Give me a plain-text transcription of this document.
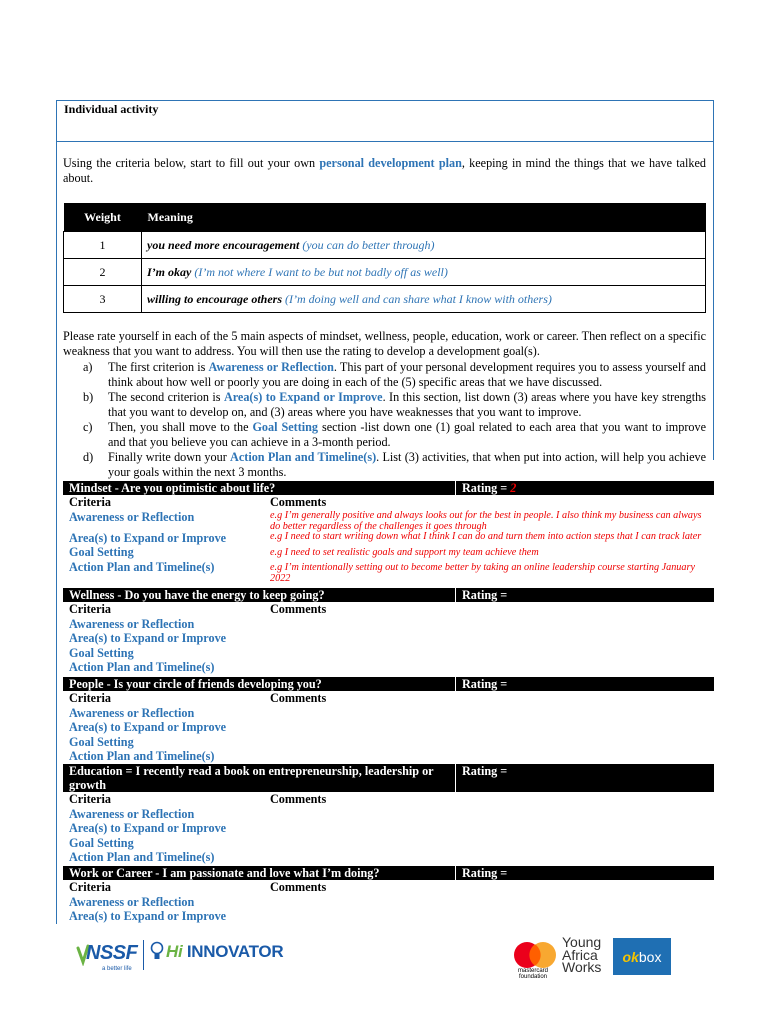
Individual activity
Using the criteria below, start to fill out your own personal development plan, keeping in mind the things that we have talked about.
Weight	Meaning
1	you need more encouragement (you can do better through)
2	I’m okay (I’m not where I want to be but not badly off as well)
3	willing to encourage others (I’m doing well and can share what I know with others)
Please rate yourself in each of the 5 main aspects of mindset, wellness, people, education, work or career. Then reflect on a specific weakness that you want to address. You will then use the rating to develop a development goal(s).
a)	The first criterion is Awareness or Reflection. This part of your personal development requires you to assess yourself and think about how well or poorly you are doing in each of the (5) specific areas that we have discussed.
b)	The second criterion is Area(s) to Expand or Improve. In this section, list down (3) areas where you have key strengths that you want to develop on, and (3) areas where you have weaknesses that you want to improve.
c)	Then, you shall move to the Goal Setting section -list down one (1) goal related to each area that you want to improve and that you believe you can achieve in a 3-month period.
d)	Finally write down your Action Plan and Timeline(s). List (3) activities, that when put into action, will help you achieve your goals within the next 3 months.
Mindset - Are you optimistic about life?	Rating = 2
Criteria	Comments
Awareness or Reflection	e.g I’m generally positive and always looks out for the best in people. I also think my business can always do better regardless of the challenges it goes through
Area(s) to Expand or Improve	e.g I need to start writing down what I think I can do and turn them into action steps that I can track later
Goal Setting	e.g I need to set realistic goals and support my team achieve them
Action Plan and Timeline(s)	e.g I’m intentionally setting out to become better by taking an online leadership course starting January 2022
Wellness - Do you have the energy to keep going?	Rating =
Criteria	Comments
Awareness or Reflection
Area(s) to Expand or Improve
Goal Setting
Action Plan and Timeline(s)
People - Is your circle of friends developing you?	Rating =
Criteria	Comments
Awareness or Reflection
Area(s) to Expand or Improve
Goal Setting
Action Plan and Timeline(s)
Education = I recently read a book on entrepreneurship, leadership or growth
Rating =
Criteria	Comments
Awareness or Reflection
Area(s) to Expand or Improve
Goal Setting
Action Plan and Timeline(s)
Work or Career - I am passionate and love what I’m doing?	Rating =
Criteria	Comments
Awareness or Reflection
Area(s) to Expand or Improve
NSSF
a better life
Hi INNOVATOR
mastercard foundation
Young
Africa
Works
ok box
